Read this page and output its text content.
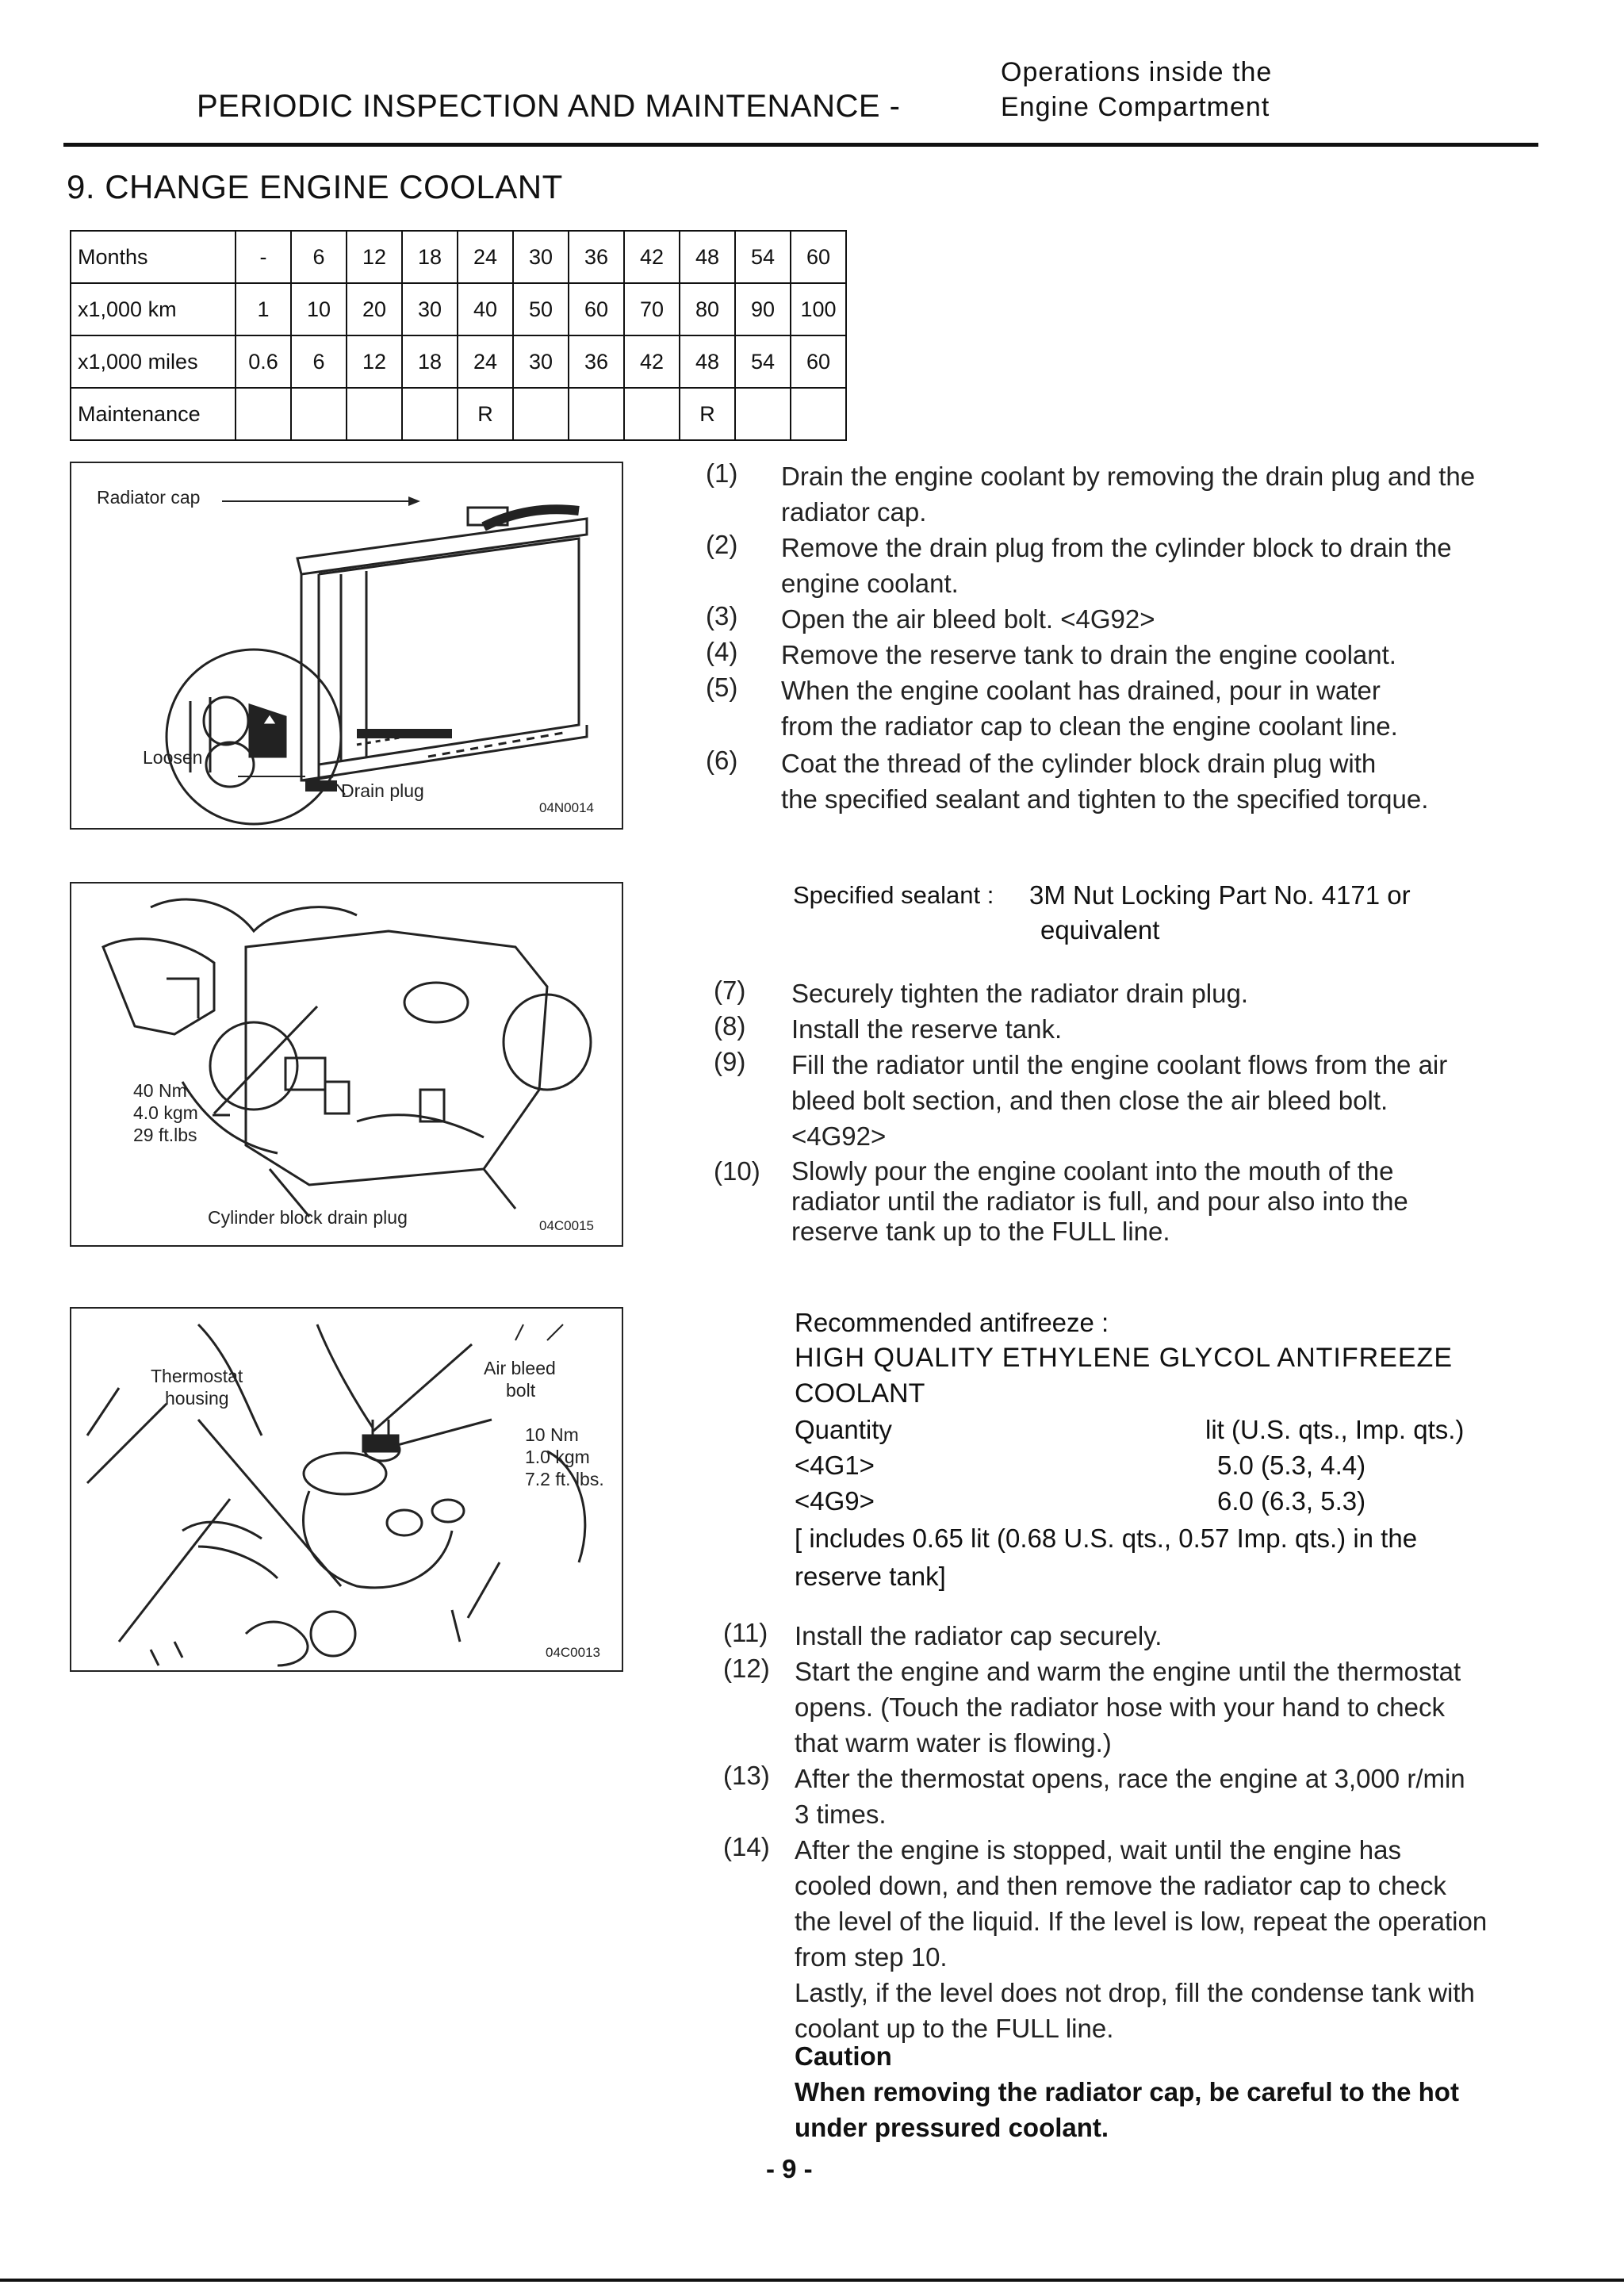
Operations inside the
PERIODIC INSPECTION AND MAINTENANCE -	Engine Compartment
9. CHANGE ENGINE COOLANT
Months	-	6	12	18	24	30	36	42	48	54	60
x1,000 km	1	10	20	30	40	50	60	70	80	90	100
x1,000 miles	0.6	6	12	18	24	30	36	42	48	54	60
Maintenance					R				R		
Radiator cap
Loosen
Drain plug
04N0014
40 Nm
4.0 kgm
29 ft.lbs
Cylinder block drain plug	04C0015
Thermostat
housing
Air bleed
bolt
10 Nm
1.0 kgm
7.2 ft. lbs.
04C0013
(1) Drain the engine coolant by removing the drain plug and the
radiator cap.
(2) Remove the drain plug from the cylinder block to drain the
engine coolant.
(3) Open the air bleed bolt. <4G92>
(4) Remove the reserve tank to drain the engine coolant.
(5) When the engine coolant has drained, pour in water
from the radiator cap to clean the engine coolant line.
(6) Coat the thread of the cylinder block drain plug with
the specified sealant and tighten to the specified torque.
Specified sealant : 3M Nut Locking Part No. 4171 or
equivalent
(7) Securely tighten the radiator drain plug.
(8) Install the reserve tank.
(9) Fill the radiator until the engine coolant flows from the air
bleed bolt section, and then close the air bleed bolt.
<4G92>
(10) Slowly pour the engine coolant into the mouth of the
radiator until the radiator is full, and pour also into the
reserve tank up to the FULL line.
Recommended antifreeze :
HIGH QUALITY ETHYLENE GLYCOL ANTIFREEZE
COOLANT
Quantity	lit (U.S. qts., Imp. qts.)
<4G1>	5.0 (5.3, 4.4)
<4G9>	6.0 (6.3, 5.3)
[ includes 0.65 lit (0.68 U.S. qts., 0.57 Imp. qts.) in the
reserve tank]
(11) Install the radiator cap securely.
(12) Start the engine and warm the engine until the thermostat
opens. (Touch the radiator hose with your hand to check
that warm water is flowing.)
(13) After the thermostat opens, race the engine at 3,000 r/min
3 times.
(14) After the engine is stopped, wait until the engine has
cooled down, and then remove the radiator cap to check
the level of the liquid. If the level is low, repeat the operation
from step 10.
Lastly, if the level does not drop, fill the condense tank with
coolant up to the FULL line.
Caution
When removing the radiator cap, be careful to the hot
under pressured coolant.
- 9 -
